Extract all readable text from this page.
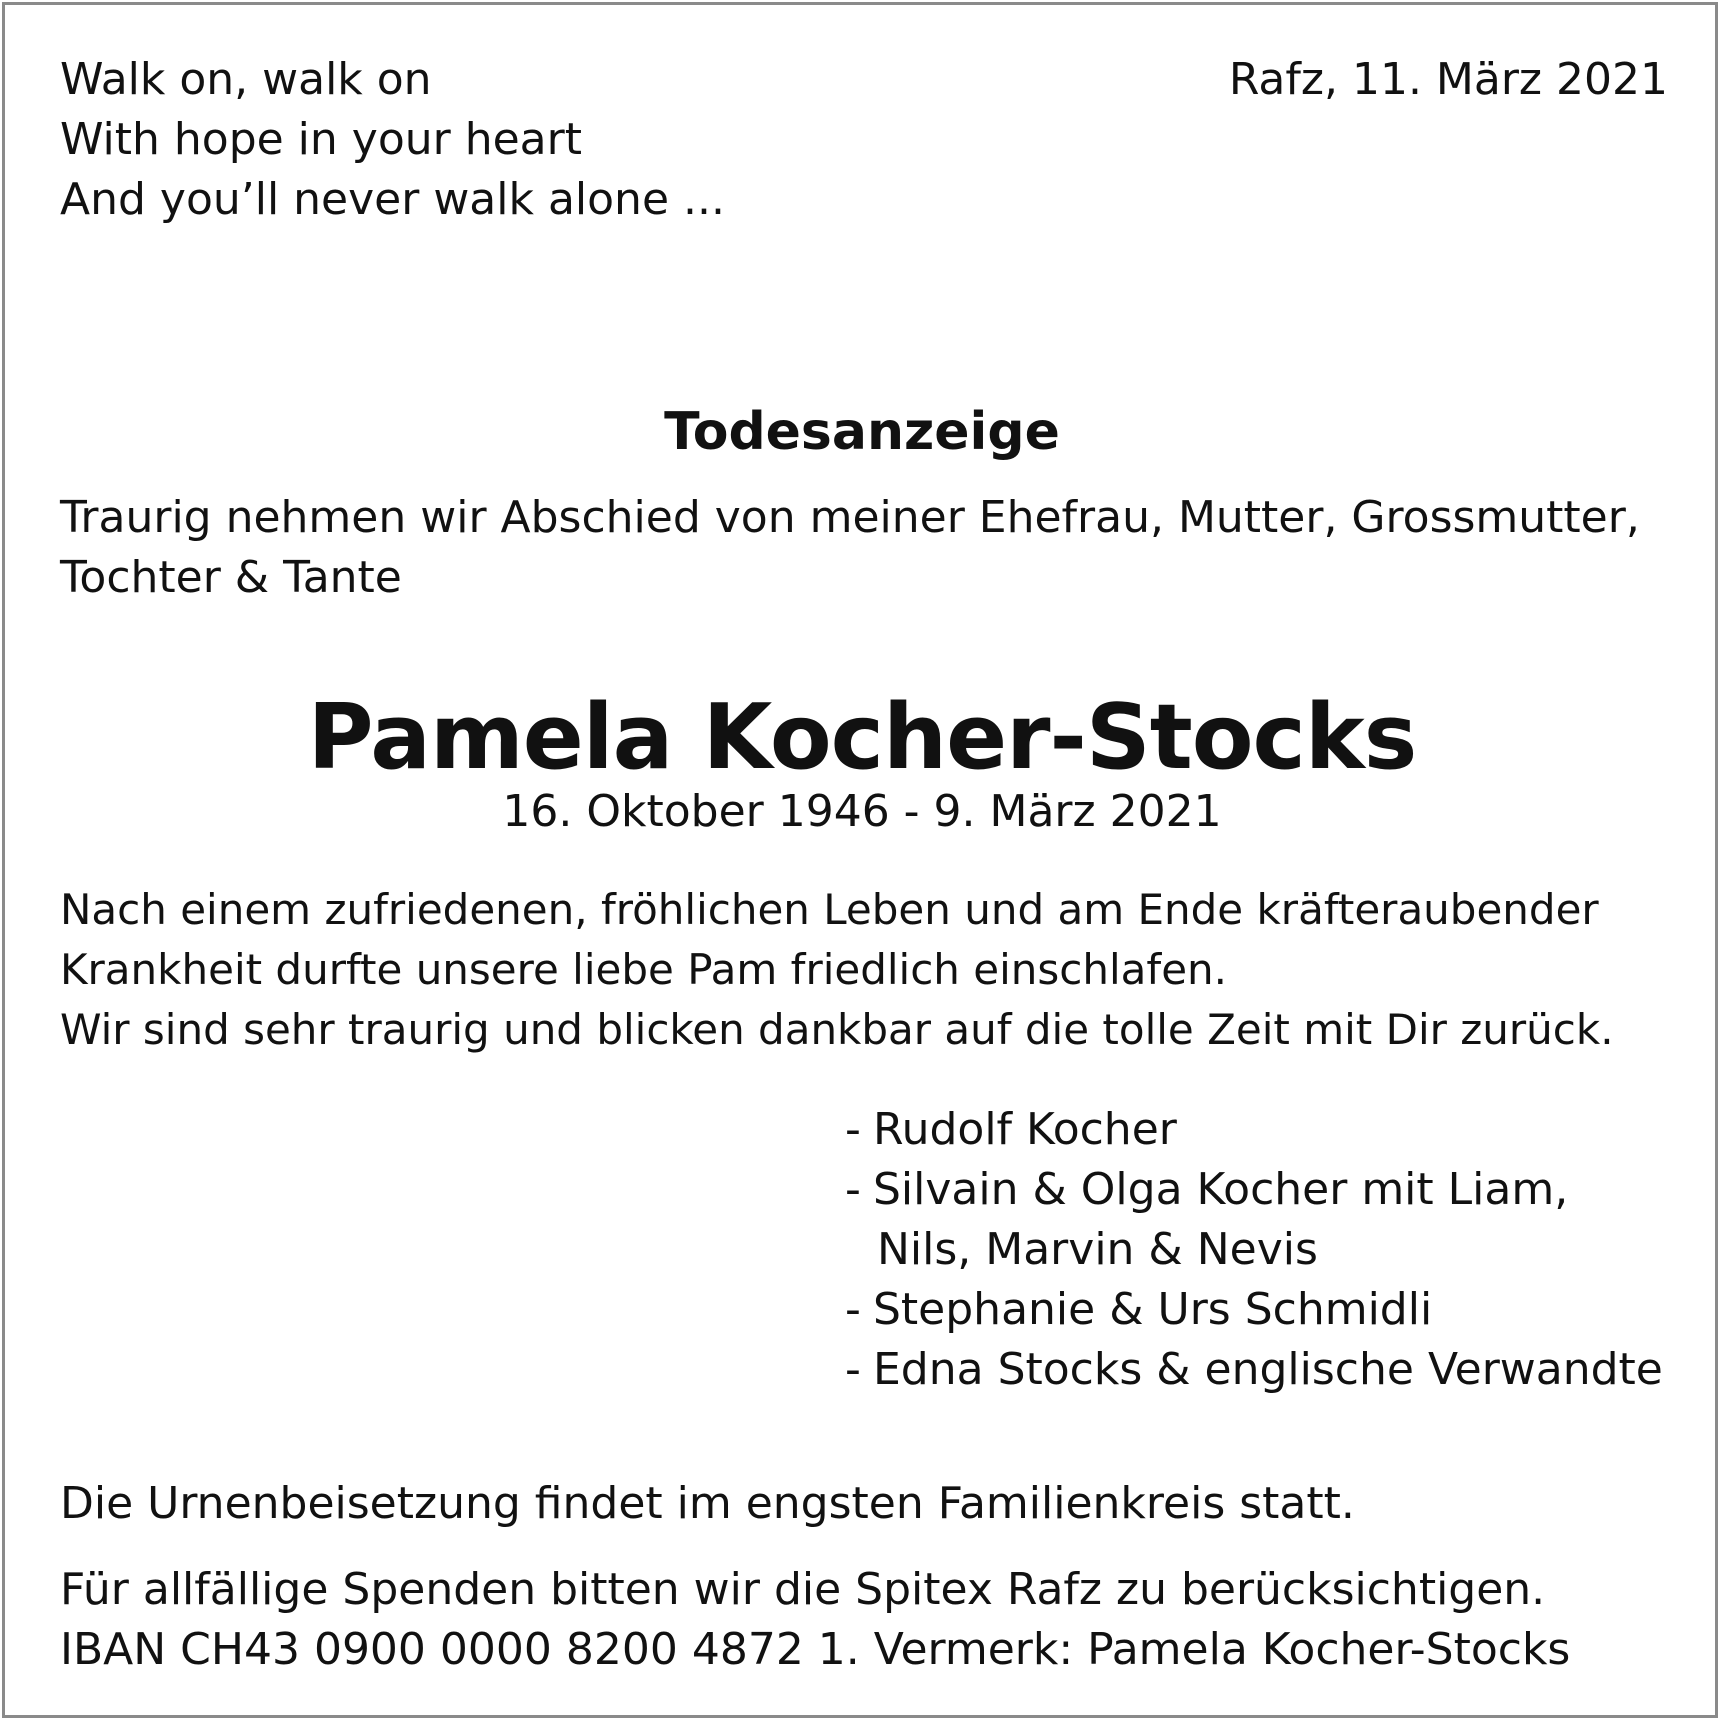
Walk on, walk on
With hope in your heart
And you’ll never walk alone ...
Rafz, 11. März 2021
Todesanzeige
Traurig nehmen wir Abschied von meiner Ehefrau, Mutter, Grossmutter,
Tochter & Tante
Pamela Kocher-Stocks
16. Oktober 1946 - 9. März 2021
Nach einem zufriedenen, fröhlichen Leben und am Ende kräfteraubender
Krankheit durfte unsere liebe Pam friedlich einschlafen.
Wir sind sehr traurig und blicken dankbar auf die tolle Zeit mit Dir zurück.
- Rudolf Kocher
- Silvain & Olga Kocher mit Liam,
Nils, Marvin & Nevis
- Stephanie & Urs Schmidli
- Edna Stocks & englische Verwandte
Die Urnenbeisetzung findet im engsten Familienkreis statt.
Für allfällige Spenden bitten wir die Spitex Rafz zu berücksichtigen.
IBAN CH43 0900 0000 8200 4872 1. Vermerk: Pamela Kocher-Stocks
